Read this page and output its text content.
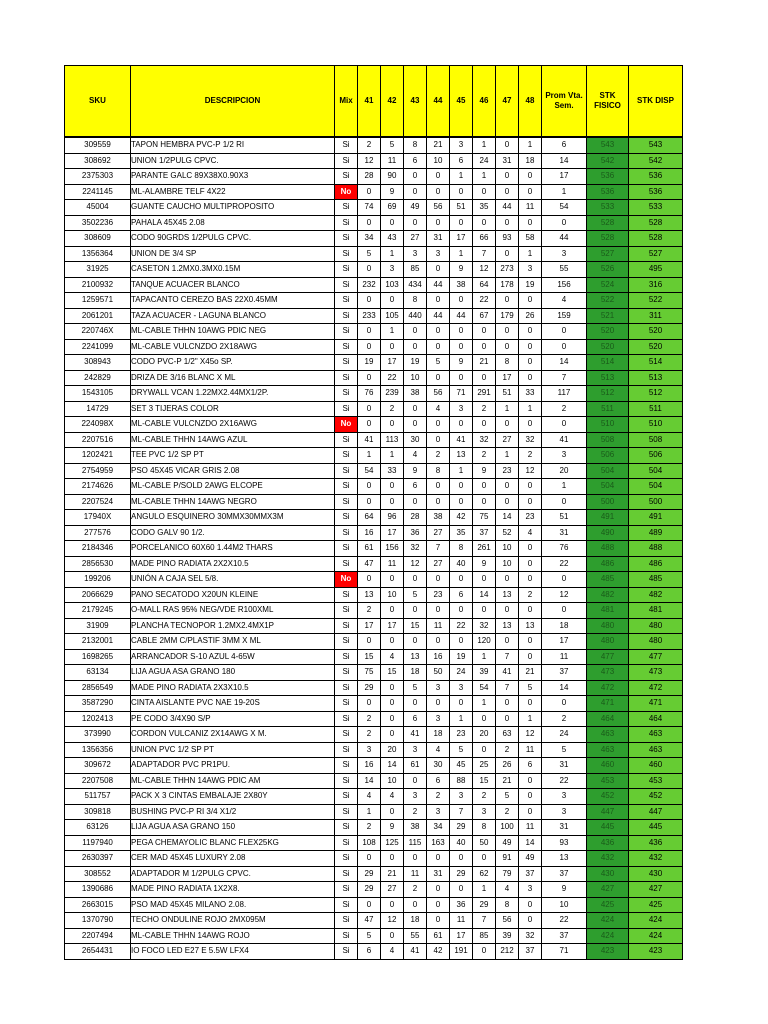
SKU	DESCRIPCION	Mix	41	42	43	44	45	46	47	48	Prom Vta. Sem.	STK FISICO	STK DISP
309559	TAPON HEMBRA PVC-P 1/2 RI	Si	2	5	8	21	3	1	0	1	6	543	543
308692	UNION 1/2PULG CPVC.	Si	12	11	6	10	6	24	31	18	14	542	542
2375303	PARANTE GALC 89X38X0.90X3	Si	28	90	0	0	1	1	0	0	17	536	536
2241145	ML-ALAMBRE TELF 4X22	No	0	9	0	0	0	0	0	0	1	536	536
45004	GUANTE CAUCHO MULTIPROPOSITO	Si	74	69	49	56	51	35	44	11	54	533	533
3502236	PAHALA 45X45 2.08	Si	0	0	0	0	0	0	0	0	0	528	528
308609	CODO 90GRDS 1/2PULG CPVC.	Si	34	43	27	31	17	66	93	58	44	528	528
1356364	UNION DE 3/4 SP	Si	5	1	3	3	1	7	0	1	3	527	527
31925	CASETON 1.2MX0.3MX0.15M	Si	0	3	85	0	9	12	273	3	55	526	495
2100932	TANQUE ACUACER BLANCO	Si	232	103	434	44	38	64	178	19	156	524	316
1259571	TAPACANTO CEREZO BAS 22X0.45MM	Si	0	0	8	0	0	22	0	0	4	522	522
2061201	TAZA ACUACER - LAGUNA BLANCO	Si	233	105	440	44	44	67	179	26	159	521	311
220746X	ML-CABLE THHN 10AWG PDIC NEG	Si	0	1	0	0	0	0	0	0	0	520	520
2241099	ML-CABLE VULCNZDO 2X18AWG	Si	0	0	0	0	0	0	0	0	0	520	520
308943	CODO PVC-P 1/2" X45o SP.	Si	19	17	19	5	9	21	8	0	14	514	514
242829	DRIZA DE 3/16 BLANC X ML	Si	0	22	10	0	0	0	17	0	7	513	513
1543105	DRYWALL VCAN 1.22MX2.44MX1/2P.	Si	76	239	38	56	71	291	51	33	117	512	512
14729	SET 3 TIJERAS COLOR	Si	0	2	0	4	3	2	1	1	2	511	511
224098X	ML-CABLE VULCNZDO 2X16AWG	No	0	0	0	0	0	0	0	0	0	510	510
2207516	ML-CABLE THHN 14AWG AZUL	Si	41	113	30	0	41	32	27	32	41	508	508
1202421	TEE PVC 1/2 SP PT	Si	1	1	4	2	13	2	1	2	3	506	506
2754959	PSO 45X45 VICAR GRIS 2.08	Si	54	33	9	8	1	9	23	12	20	504	504
2174626	ML-CABLE P/SOLD 2AWG ELCOPE	Si	0	0	6	0	0	0	0	0	1	504	504
2207524	ML-CABLE THHN 14AWG NEGRO	Si	0	0	0	0	0	0	0	0	0	500	500
17940X	ANGULO ESQUINERO 30MMX30MMX3M	Si	64	96	28	38	42	75	14	23	51	491	491
277576	CODO GALV 90 1/2.	Si	16	17	36	27	35	37	52	4	31	490	489
2184346	PORCELANICO 60X60 1.44M2 THARS	Si	61	156	32	7	8	261	10	0	76	488	488
2856530	MADE PINO RADIATA 2X2X10.5	Si	47	11	12	27	40	9	10	0	22	486	486
199206	UNIÓN A CAJA SEL 5/8.	No	0	0	0	0	0	0	0	0	0	485	485
2066629	PANO SECATODO X20UN KLEINE	Si	13	10	5	23	6	14	13	2	12	482	482
2179245	O-MALL RAS 95% NEG/VDE R100XML	Si	2	0	0	0	0	0	0	0	0	481	481
31909	PLANCHA TECNOPOR 1.2MX2.4MX1P	Si	17	17	15	11	22	32	13	13	18	480	480
2132001	CABLE 2MM C/PLASTIF 3MM X ML	Si	0	0	0	0	0	120	0	0	17	480	480
1698265	ARRANCADOR S-10 AZUL 4-65W	Si	15	4	13	16	19	1	7	0	11	477	477
63134	LIJA AGUA ASA GRANO 180	Si	75	15	18	50	24	39	41	21	37	473	473
2856549	MADE PINO RADIATA 2X3X10.5	Si	29	0	5	3	3	54	7	5	14	472	472
3587290	CINTA AISLANTE PVC NAE 19-20S	Si	0	0	0	0	0	1	0	0	0	471	471
1202413	PE CODO 3/4X90 S/P	Si	2	0	6	3	1	0	0	1	2	464	464
373990	CORDON VULCANIZ 2X14AWG X M.	Si	2	0	41	18	23	20	63	12	24	463	463
1356356	UNION PVC 1/2 SP PT	Si	3	20	3	4	5	0	2	11	5	463	463
309672	ADAPTADOR PVC PR1PU.	Si	16	14	61	30	45	25	26	6	31	460	460
2207508	ML-CABLE THHN 14AWG PDIC AM	Si	14	10	0	6	88	15	21	0	22	453	453
511757	PACK X 3 CINTAS EMBALAJE 2X80Y	Si	4	4	3	2	3	2	5	0	3	452	452
309818	BUSHING PVC-P RI 3/4 X1/2	Si	1	0	2	3	7	3	2	0	3	447	447
63126	LIJA AGUA ASA GRANO 150	Si	2	9	38	34	29	8	100	11	31	445	445
1197940	PEGA CHEMAYOLIC BLANC FLEX25KG	Si	108	125	115	163	40	50	49	14	93	436	436
2630397	CER MAD 45X45 LUXURY 2.08	Si	0	0	0	0	0	0	91	49	13	432	432
308552	ADAPTADOR M 1/2PULG CPVC.	Si	29	21	11	31	29	62	79	37	37	430	430
1390686	MADE PINO RADIATA 1X2X8.	Si	29	27	2	0	0	1	4	3	9	427	427
2663015	PSO MAD 45X45 MILANO 2.08.	Si	0	0	0	0	36	29	8	0	10	425	425
1370790	TECHO ONDULINE ROJO 2MX095M	Si	47	12	18	0	11	7	56	0	22	424	424
2207494	ML-CABLE THHN 14AWG ROJO	Si	5	0	55	61	17	85	39	32	37	424	424
2654431	IO FOCO LED E27 E 5.5W LFX4	Si	6	4	41	42	191	0	212	37	71	423	423
